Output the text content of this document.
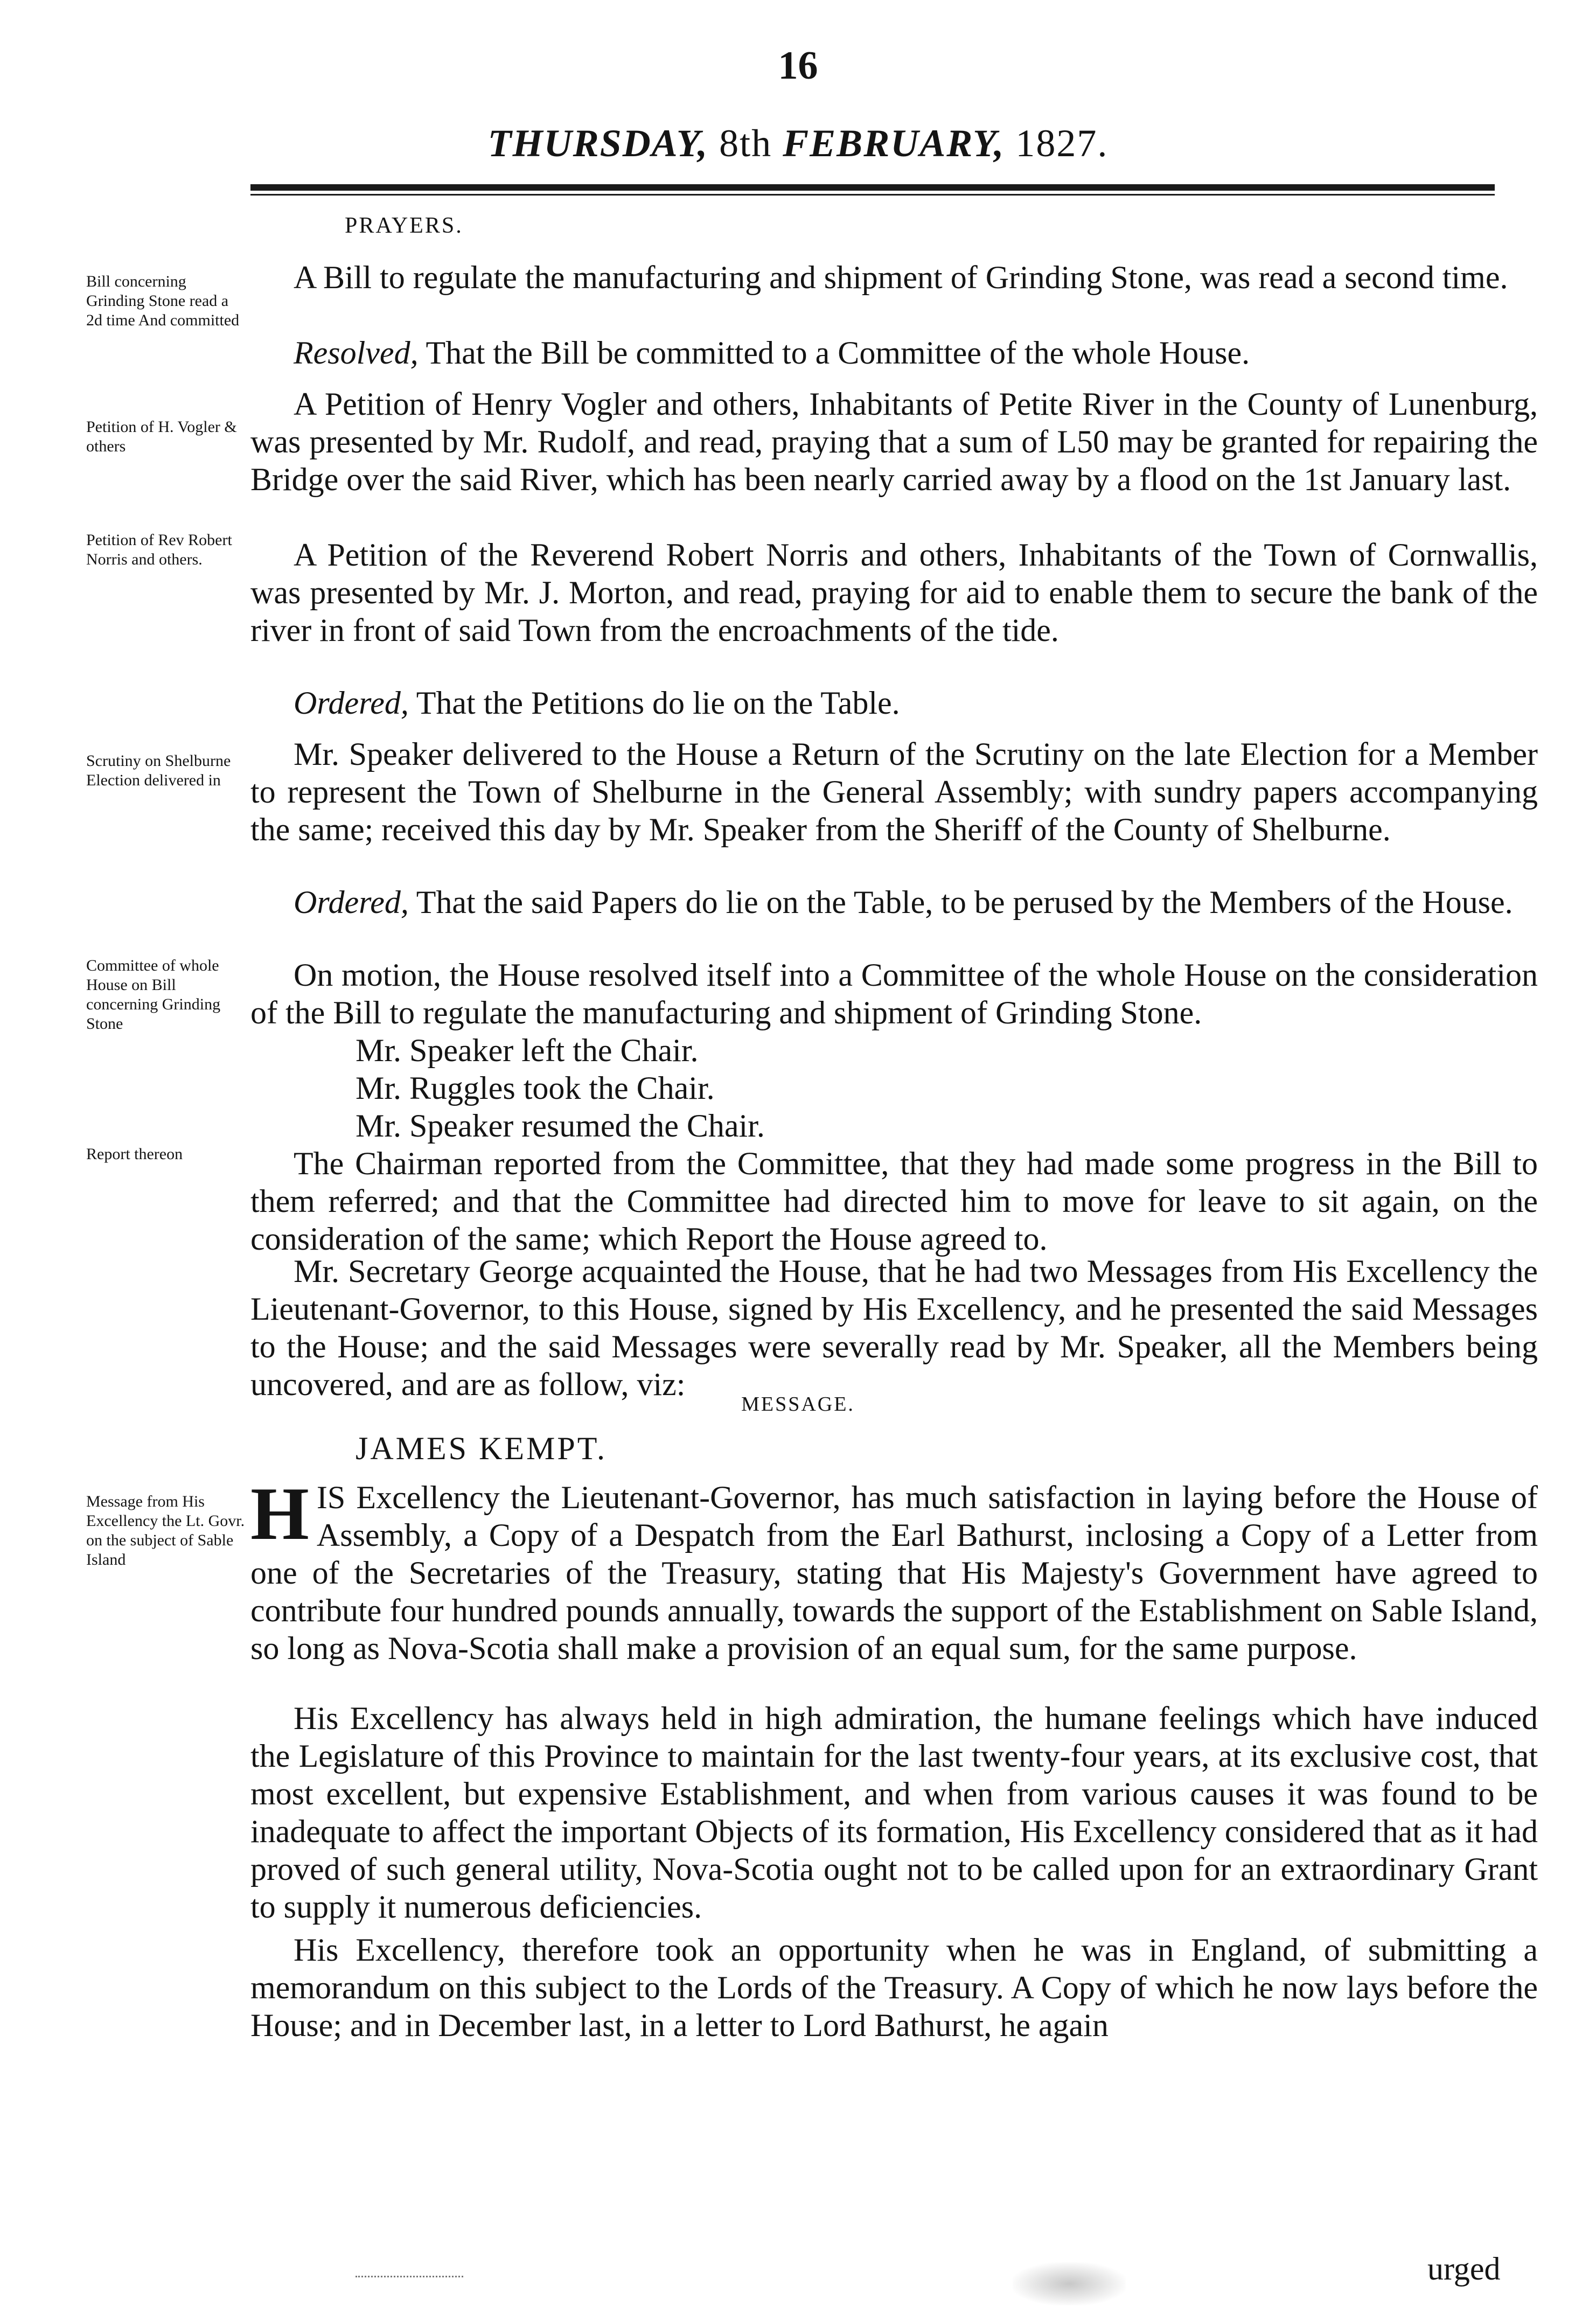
16
THURSDAY, 8th FEBRUARY, 1827.
PRAYERS.
Bill concerning Grinding Stone read a 2d time And committed
Petition of H. Vogler & others
Petition of Rev Robert Norris and others.
Scrutiny on Shelburne Election delivered in
Committee of whole House on Bill concerning Grinding Stone
Report thereon
Message from His Excellency the Lt. Govr. on the subject of Sable Island
A Bill to regulate the manufacturing and shipment of Grinding Stone, was read a second time.
Resolved, That the Bill be committed to a Committee of the whole House.
A Petition of Henry Vogler and others, Inhabitants of Petite River in the County of Lunenburg, was presented by Mr. Rudolf, and read, praying that a sum of L50 may be granted for repairing the Bridge over the said River, which has been nearly carried away by a flood on the 1st January last.
A Petition of the Reverend Robert Norris and others, Inhabitants of the Town of Cornwallis, was presented by Mr. J. Morton, and read, praying for aid to enable them to secure the bank of the river in front of said Town from the encroachments of the tide.
Ordered, That the Petitions do lie on the Table.
Mr. Speaker delivered to the House a Return of the Scrutiny on the late Election for a Member to represent the Town of Shelburne in the General Assembly; with sundry papers accompanying the same; received this day by Mr. Speaker from the Sheriff of the County of Shelburne.
Ordered, That the said Papers do lie on the Table, to be perused by the Members of the House.
On motion, the House resolved itself into a Committee of the whole House on the consideration of the Bill to regulate the manufacturing and shipment of Grinding Stone.
Mr. Speaker left the Chair.
Mr. Ruggles took the Chair.
Mr. Speaker resumed the Chair.
The Chairman reported from the Committee, that they had made some progress in the Bill to them referred; and that the Committee had directed him to move for leave to sit again, on the consideration of the same; which Report the House agreed to.
Mr. Secretary George acquainted the House, that he had two Messages from His Excellency the Lieutenant-Governor, to this House, signed by His Excellency, and he presented the said Messages to the House; and the said Messages were severally read by Mr. Speaker, all the Members being uncovered, and are as follow, viz:
MESSAGE.
JAMES KEMPT.
HIS Excellency the Lieutenant-Governor, has much satisfaction in laying before the House of Assembly, a Copy of a Despatch from the Earl Bathurst, inclosing a Copy of a Letter from one of the Secretaries of the Treasury, stating that His Majesty's Government have agreed to contribute four hundred pounds annually, towards the support of the Establishment on Sable Island, so long as Nova-Scotia shall make a provision of an equal sum, for the same purpose.
His Excellency has always held in high admiration, the humane feelings which have induced the Legislature of this Province to maintain for the last twenty-four years, at its exclusive cost, that most excellent, but expensive Establishment, and when from various causes it was found to be inadequate to affect the important Objects of its formation, His Excellency considered that as it had proved of such general utility, Nova-Scotia ought not to be called upon for an extraordinary Grant to supply it numerous deficiencies.
His Excellency, therefore took an opportunity when he was in England, of submitting a memorandum on this subject to the Lords of the Treasury. A Copy of which he now lays before the House; and in December last, in a letter to Lord Bathurst, he again
urged
